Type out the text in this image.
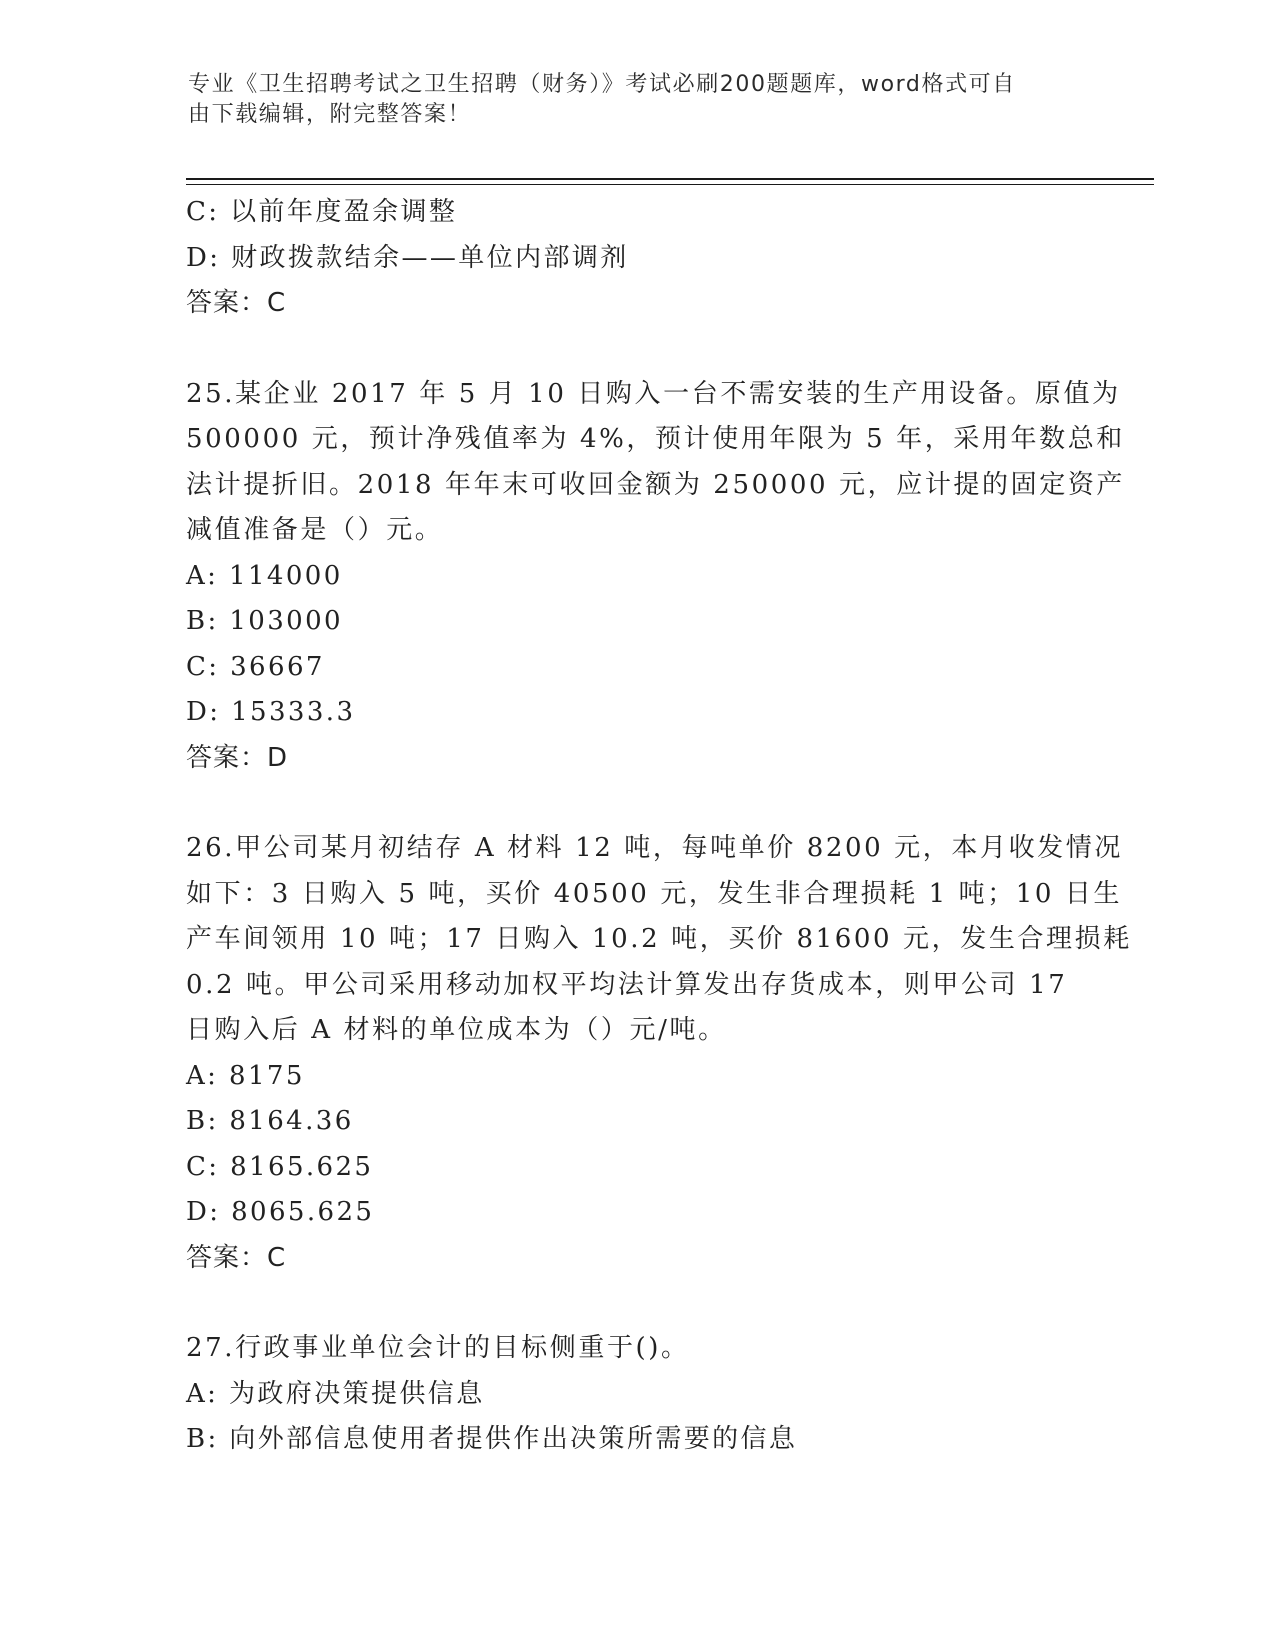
专业《卫生招聘考试之卫生招聘（财务）》考试必刷200题题库，word格式可自
由下载编辑，附完整答案！
C: 以前年度盈余调整
D: 财政拨款结余——单位内部调剂
答案：C
25.某企业 2017 年 5 月 10 日购入一台不需安装的生产用设备。原值为
500000 元，预计净残值率为 4%，预计使用年限为 5 年，采用年数总和
法计提折旧。2018 年年末可收回金额为 250000 元，应计提的固定资产
减值准备是（）元。
A: 114000
B: 103000
C: 36667
D: 15333.3
答案：D
26.甲公司某月初结存 A 材料 12 吨，每吨单价 8200 元，本月收发情况
如下：3 日购入 5 吨，买价 40500 元，发生非合理损耗 1 吨；10 日生
产车间领用 10 吨；17 日购入 10.2 吨，买价 81600 元，发生合理损耗
0.2 吨。甲公司采用移动加权平均法计算发出存货成本，则甲公司 17
日购入后 A 材料的单位成本为（）元/吨。
A: 8175
B: 8164.36
C: 8165.625
D: 8065.625
答案：C
27.行政事业单位会计的目标侧重于()。
A: 为政府决策提供信息
B: 向外部信息使用者提供作出决策所需要的信息
